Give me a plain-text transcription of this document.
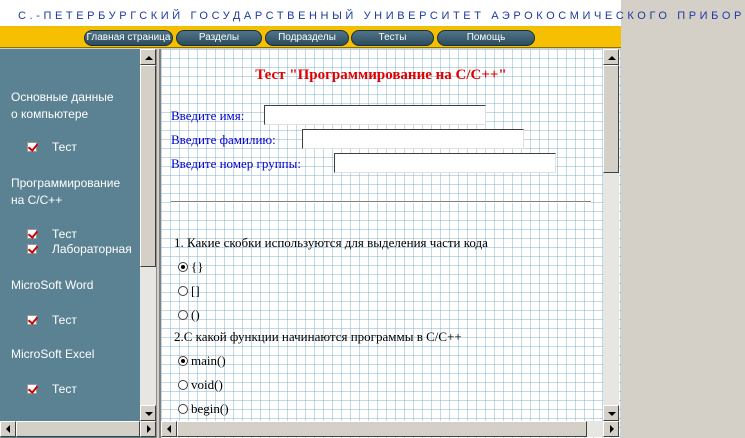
С.-ПЕТЕРБУРГСКИЙ ГОСУДАРСТВЕННЫЙ УНИВЕРСИТЕТ АЭРОКОСМИЧЕСКОГО ПРИБОР
Главная страница	Разделы	Подразделы	Тесты	Помощь
Основные данные
о компьютере
Тест
Программирование
на C/C++
Тест
Лабораторная
MicroSoft Word
Тест
MicroSoft Excel
Тест
Тест "Программирование на C/C++"
Введите имя:
Введите фамилию:
Введите номер группы:
1. Какие скобки используются для выделения части кода
{}
[]
()
2.С какой функции начинаются программы в C/C++
main()
void()
begin()
